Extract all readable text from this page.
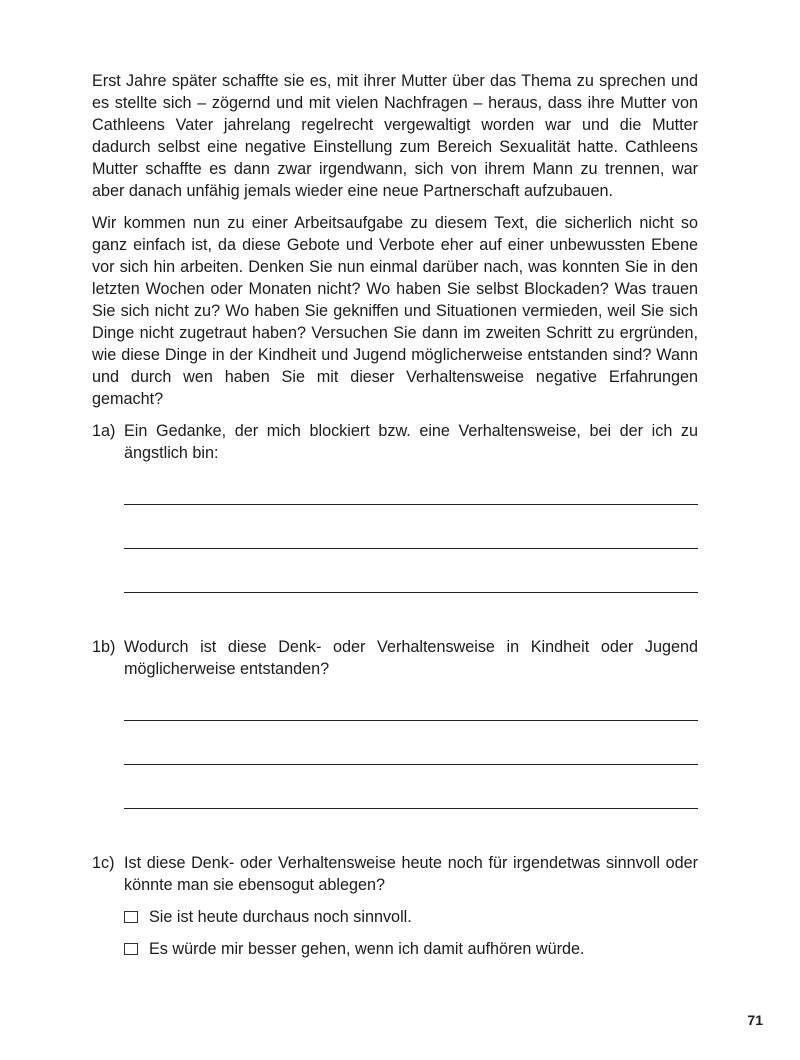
Erst Jahre später schaffte sie es, mit ihrer Mutter über das Thema zu sprechen und es stellte sich – zögernd und mit vielen Nachfragen – heraus, dass ihre Mutter von Cathleens Vater jahrelang regelrecht vergewaltigt worden war und die Mutter dadurch selbst eine negative Einstellung zum Bereich Sexualität hatte. Cathleens Mutter schaffte es dann zwar irgendwann, sich von ihrem Mann zu trennen, war aber danach unfähig jemals wieder eine neue Partnerschaft aufzubauen.

Wir kommen nun zu einer Arbeitsaufgabe zu diesem Text, die sicherlich nicht so ganz einfach ist, da diese Gebote und Verbote eher auf einer unbewussten Ebene vor sich hin arbeiten. Denken Sie nun einmal darüber nach, was konnten Sie in den letzten Wochen oder Monaten nicht? Wo haben Sie selbst Blockaden? Was trauen Sie sich nicht zu? Wo haben Sie gekniffen und Situationen vermieden, weil Sie sich Dinge nicht zugetraut haben? Versuchen Sie dann im zweiten Schritt zu ergründen, wie diese Dinge in der Kindheit und Jugend möglicherweise entstanden sind? Wann und durch wen haben Sie mit dieser Verhaltensweise negative Erfahrungen gemacht?

1a) Ein Gedanke, der mich blockiert bzw. eine Verhaltensweise, bei der ich zu ängstlich bin:
1b) Wodurch ist diese Denk- oder Verhaltensweise in Kindheit oder Jugend möglicherweise entstanden?
1c) Ist diese Denk- oder Verhaltensweise heute noch für irgendetwas sinnvoll oder könnte man sie ebensogut ablegen?
Sie ist heute durchaus noch sinnvoll.
Es würde mir besser gehen, wenn ich damit aufhören würde.
71
